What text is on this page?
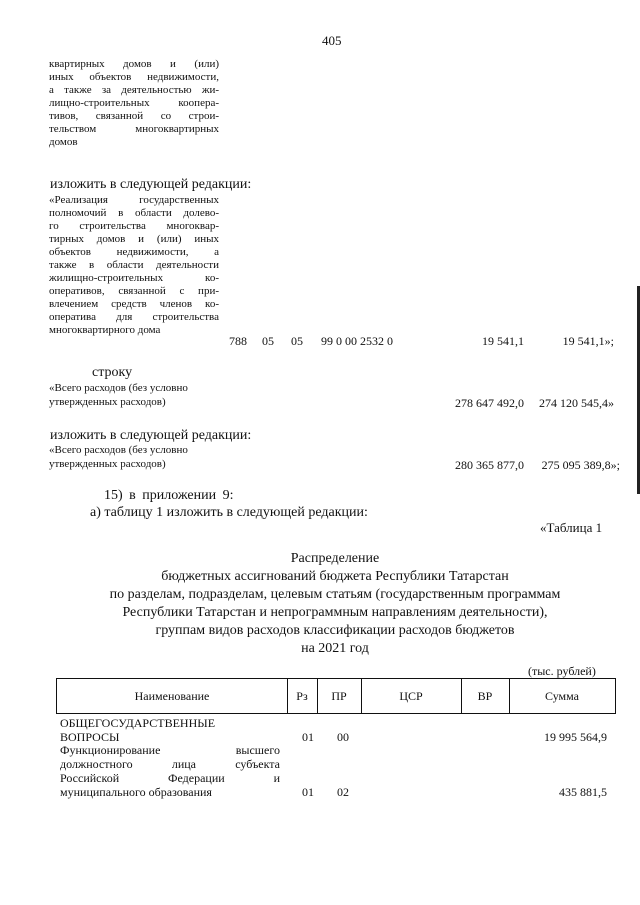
405
квартирных домов и (или)
иных объектов недвижимости,
а также за деятельностью жи-
лищно-строительных коопера-
тивов, связанной со строи-
тельством многоквартирных
домов
изложить в следующей редакции:
«Реализация государственных
полномочий в области долево-
го строительства многоквар-
тирных домов и (или) иных
объектов недвижимости, а
также в области деятельности
жилищно-строительных ко-
оперативов, связанной с при-
влечением средств членов ко-
оператива для строительства
многоквартирного дома
788 05 05 99 0 00 2532 0	19 541,1	19 541,1»;
строку
«Всего расходов (без условно
утвержденных расходов)	278 647 492,0	274 120 545,4»
изложить в следующей редакции:
«Всего расходов (без условно
утвержденных расходов)	280 365 877,0	275 095 389,8»;
15) в приложении 9:
а) таблицу 1 изложить в следующей редакции:
«Таблица 1
Распределение
бюджетных ассигнований бюджета Республики Татарстан
по разделам, подразделам, целевым статьям (государственным программам
Республики Татарстан и непрограммным направлениям деятельности),
группам видов расходов классификации расходов бюджетов
на 2021 год
(тыс. рублей)
Наименование	Рз	ПР	ЦСР	ВР	Сумма
ОБЩЕГОСУДАРСТВЕННЫЕ
ВОПРОСЫ	01 00	19 995 564,9
Функционирование высшего
должностного лица субъекта
Российской Федерации и
муниципального образования	01 02	435 881,5
